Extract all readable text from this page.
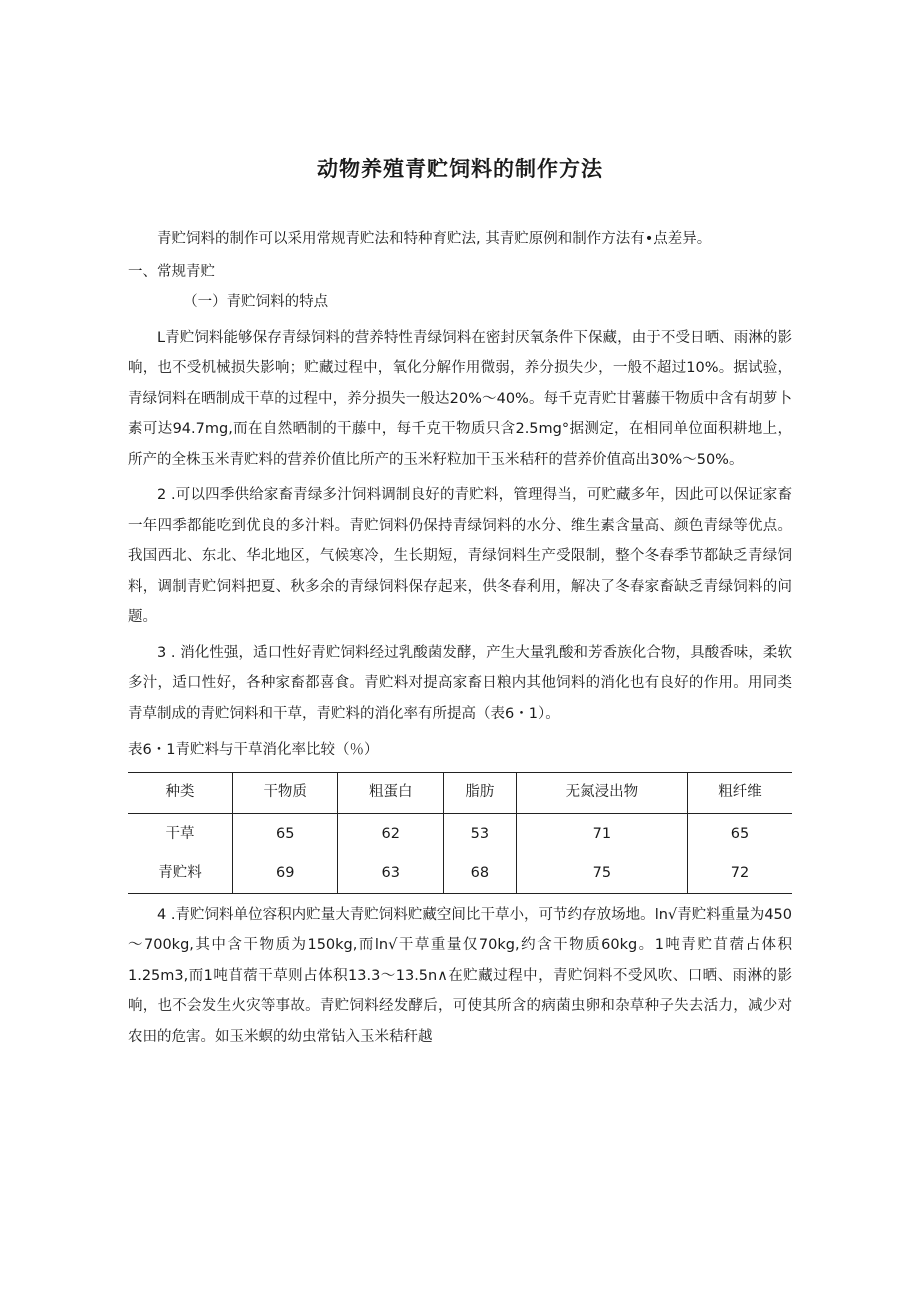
动物养殖青贮饲料的制作方法

青贮饲料的制作可以采用常规青贮法和特种育贮法, 其青贮原例和制作方法有•点差异。

一、常规青贮

（一）青贮饲料的特点

L青贮饲料能够保存青绿饲料的营养特性青绿饲料在密封厌氧条件下保藏，由于不受日晒、雨淋的影响，也不受机械损失影响；贮藏过程中，氧化分解作用微弱，养分损失少，一般不超过10%。据试验，青绿饲料在晒制成干草的过程中，养分损失一般达20%～40%。每千克青贮甘薯藤干物质中含有胡萝卜素可达94.7mg,而在自然晒制的干藤中，每千克干物质只含2.5mg°据测定，在相同单位面积耕地上，所产的全株玉米青贮料的营养价值比所产的玉米籽粒加干玉米秸秆的营养价值高出30%～50%。

2 .可以四季供给家畜青绿多汁饲料调制良好的青贮料，管理得当，可贮藏多年，因此可以保证家畜一年四季都能吃到优良的多汁料。青贮饲料仍保持青绿饲料的水分、维生素含量高、颜色青绿等优点。我国西北、东北、华北地区，气候寒冷，生长期短，青绿饲料生产受限制，整个冬春季节都缺乏青绿饲料，调制青贮饲料把夏、秋多余的青绿饲料保存起来，供冬春利用，解决了冬春家畜缺乏青绿饲料的问题。

3 . 消化性强，适口性好青贮饲料经过乳酸菌发酵，产生大量乳酸和芳香族化合物，具酸香味，柔软多汁，适口性好，各种家畜都喜食。青贮料对提高家畜日粮内其他饲料的消化也有良好的作用。用同类青草制成的青贮饲料和干草，青贮料的消化率有所提高（表6・1）。

表6・1青贮料与干草消化率比较（％）

种类	干物质	粗蛋白	脂肪	无氮浸出物	粗纤维
干草	65	62	53	71	65
青贮料	69	63	68	75	72

4 .青贮饲料单位容积内贮量大青贮饲料贮藏空间比干草小，可节约存放场地。ln√青贮料重量为450～700kg,其中含干物质为150kg,而ln√干草重量仅70kg,约含干物质60kg。1吨青贮苜蓿占体积1.25m3,而1吨苜蓿干草则占体积13.3～13.5n∧在贮藏过程中，青贮饲料不受风吹、口晒、雨淋的影响，也不会发生火灾等事故。青贮饲料经发酵后，可使其所含的病菌虫卵和杂草种子失去活力，减少对农田的危害。如玉米螟的幼虫常钻入玉米秸秆越
